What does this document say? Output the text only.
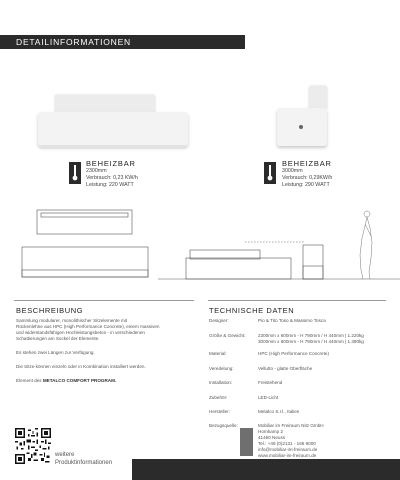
DETAILINFORMATIONEN
BEHEIZBAR
2300mm
Verbrauch: 0,23 KW/h
Leistung: 220 WATT
BEHEIZBAR
3000mm
Verbrauch: 0,29KW/h
Leistung: 290 WATT
BESCHREIBUNG
Sammlung modularer, monolithischer Sitzelemente mit
Rückenlehne aus HPC (High Performance Concrete), einem massiven
und widerstandsfähigen Hochleistungsbeton - in verschiedenen
Schattierungen am Sockel der Elemente.
Es stehen zwei Längen zur Verfügung.
Die Sitze können einzeln oder in Kombination installiert werden.
Element des METALCO COMFORT PROGRAM.
TECHNISCHE DATEN
Designer:	Pio & Tito Toso & Massimo Tosca
Größe & Gewicht:	2300mm x 600mm - H 790mm / H 440mm | 1.220kg
3000mm x 600mm - H 790mm / H 440mm | 1.390kg
Material:	HPC (High Performance Concrete)
Veredelung:	Vellutto - glatte Oberfläche
Installation:	Freistehend
Zubehör:	LED-Licht
Hersteller:	Metalco S.r.l., Italien
Bezugsquelle:	Mobiliar im Freiraum Nitz GmbH
Hornkamp 2
41460 Neuss
Tel.: +49 (0)2131 - 166 9000
info@mobiliar-im-freiraum.de
www.mobiliar-im-freiraum.de
weitere
Produktinformationen
